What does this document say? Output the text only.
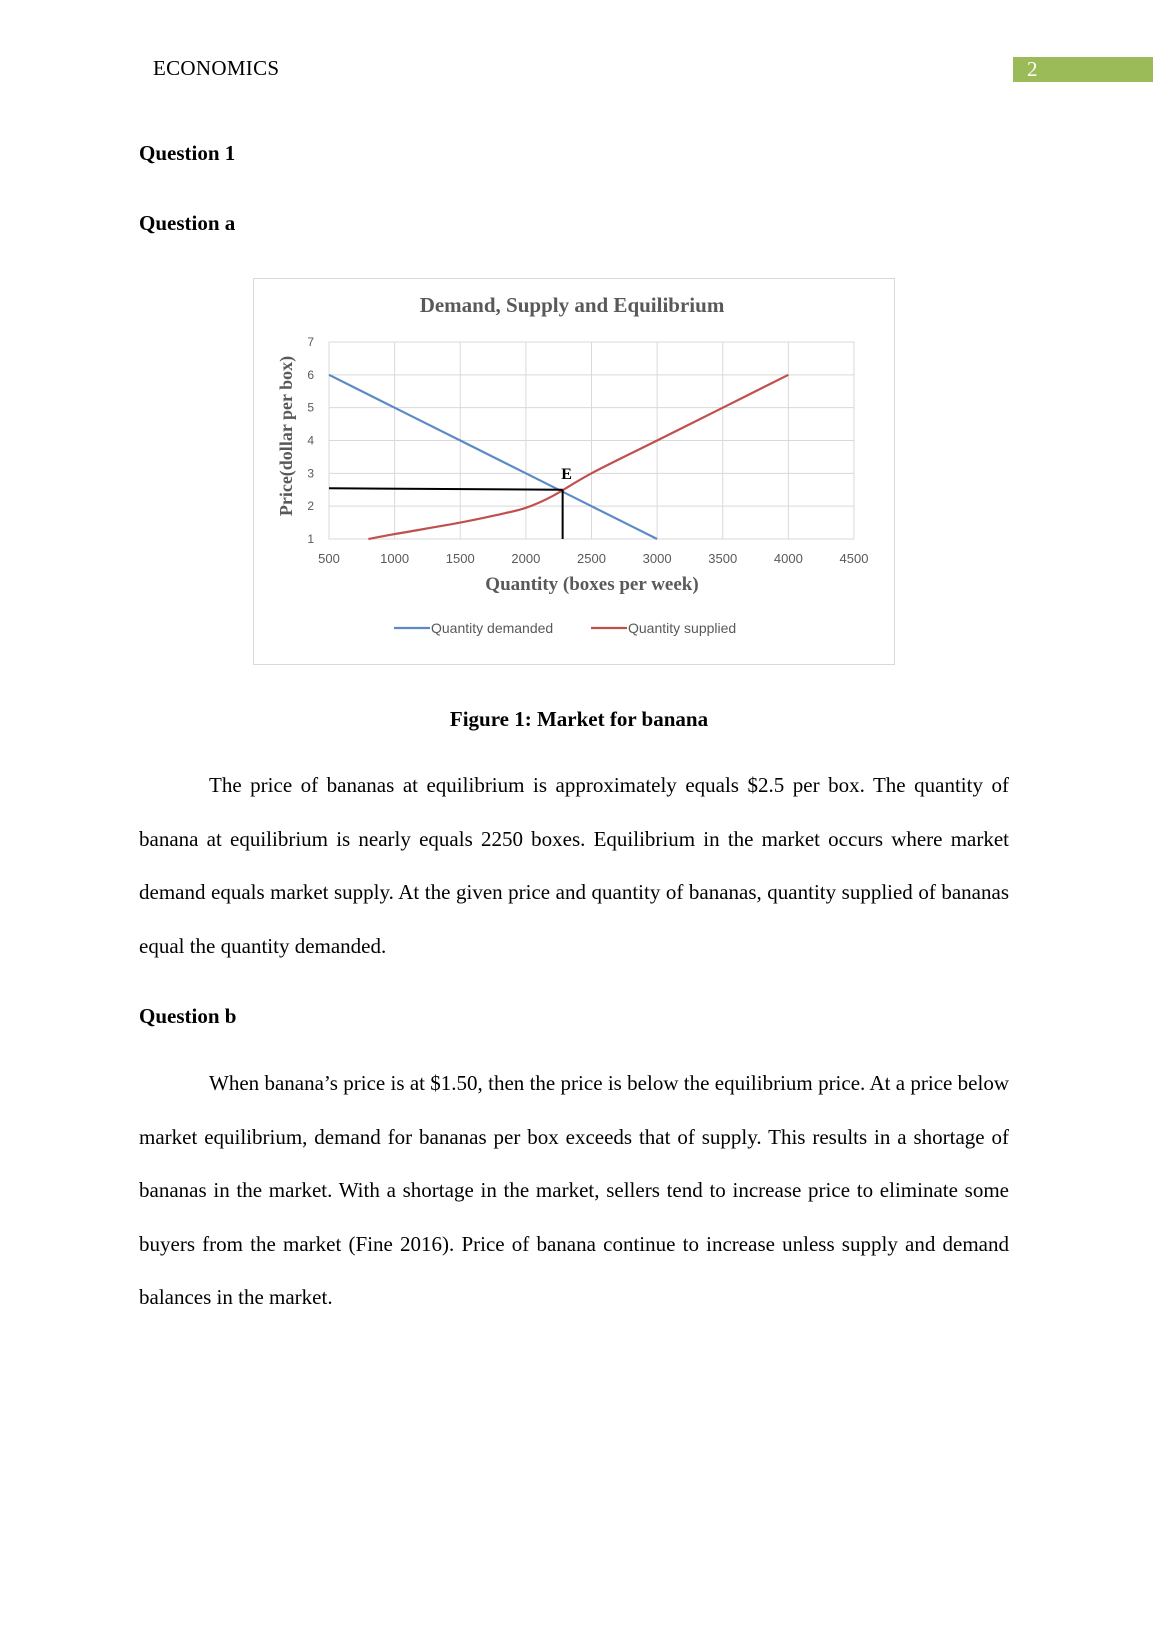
ECONOMICS	2
Question 1
Question a
Demand, Supply and Equilibrium
500	1000	1500	2000	2500	3000	3500	4000	4500
1
2
3
4
5
6
7
Quantity (boxes per week)
Price(dollar per box)	E
Quantity demanded	Quantity supplied
Figure 1: Market for banana

The price of bananas at equilibrium is approximately equals $2.5 per box. The quantity of banana at equilibrium is nearly equals 2250 boxes. Equilibrium in the market occurs where market demand equals market supply. At the given price and quantity of bananas, quantity supplied of bananas equal the quantity demanded.

Question b

When banana’s price is at $1.50, then the price is below the equilibrium price. At a price below market equilibrium, demand for bananas per box exceeds that of supply. This results in a shortage of bananas in the market. With a shortage in the market, sellers tend to increase price to eliminate some buyers from the market (Fine 2016). Price of banana continue to increase unless supply and demand balances in the market.
